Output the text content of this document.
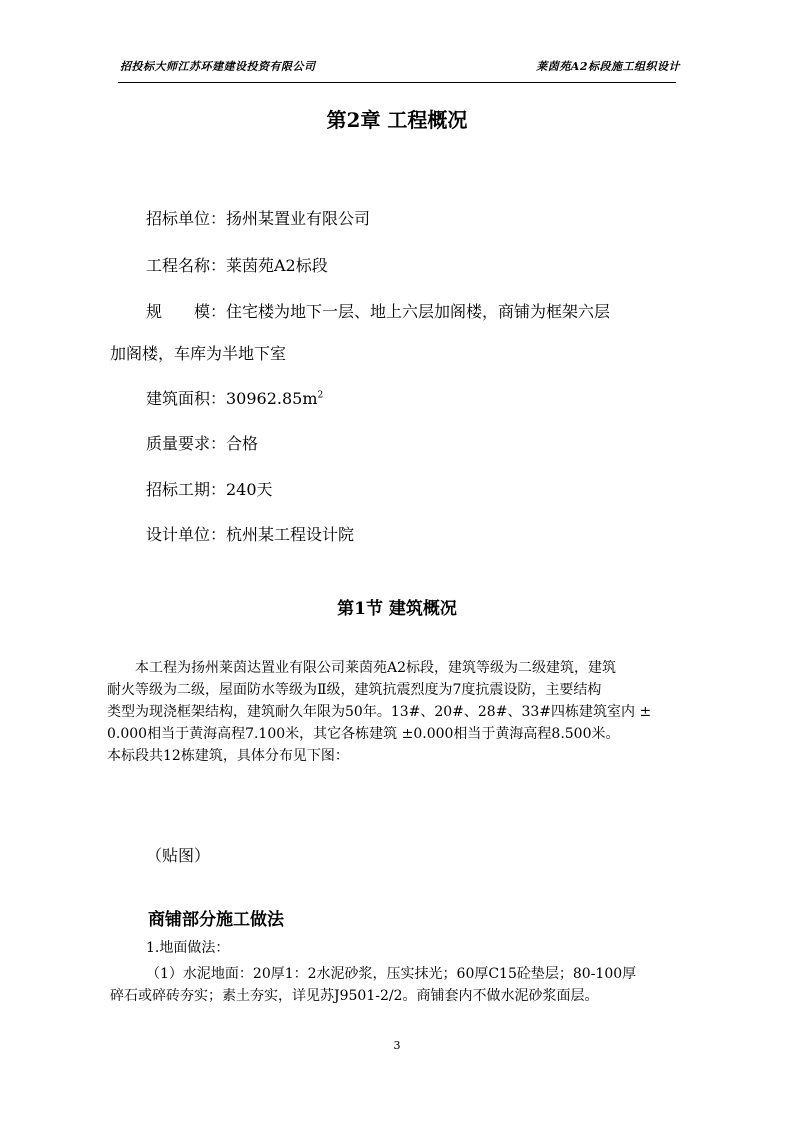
招投标大师江苏环建建设投资有限公司	莱茵苑A2标段施工组织设计
第2章 工程概况
招标单位：扬州某置业有限公司
工程名称：莱茵苑A2标段
规　　模：住宅楼为地下一层、地上六层加阁楼，商铺为框架六层
加阁楼，车库为半地下室
建筑面积：$30962.85m^2$
质量要求：合格
招标工期：240天
设计单位：杭州某工程设计院
第1节 建筑概况

　　本工程为扬州莱茵达置业有限公司莱茵苑A2标段，建筑等级为二级建筑，建筑

耐火等级为二级，屋面防水等级为Ⅱ级，建筑抗震烈度为7度抗震设防，主要结构

类型为现浇框架结构，建筑耐久年限为50年。13#、20#、28#、33#四栋建筑室内 ±

0.000相当于黄海高程7.100米，其它各栋建筑 ±0.000相当于黄海高程8.500米。

本标段共12栋建筑，具体分布见下图：

（贴图）
商铺部分施工做法
1.地面做法：
（1）水泥地面：20厚1：2水泥砂浆，压实抹光；60厚C15砼垫层；80-100厚
碎石或碎砖夯实；素土夯实，详见苏J9501-2/2。商铺套内不做水泥砂浆面层。
3
